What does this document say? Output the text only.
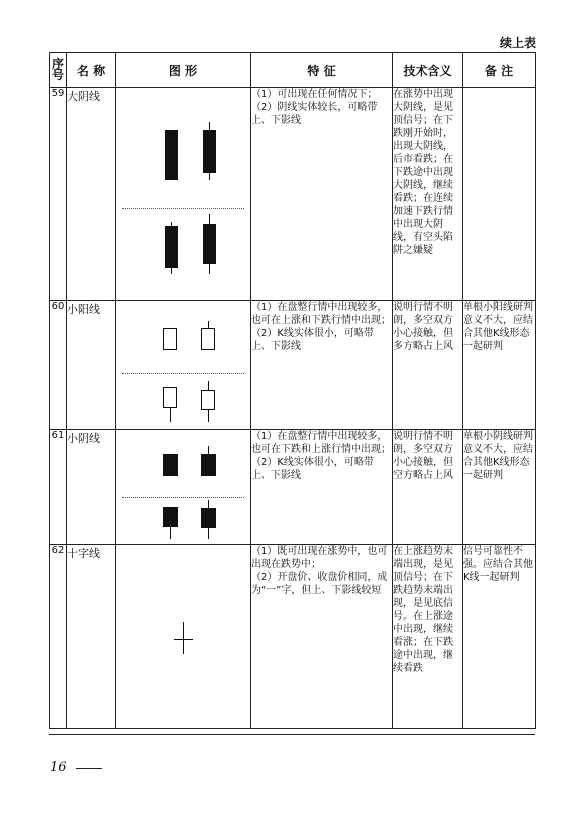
续上表
序
号	名 称	图 形	特 征	技术含义	备 注
59	大阴线		（1）可出现在任何情况下；
（2）阴线实体较长，可略带上、下影线	在涨势中出现大阴线，是见顶信号；在下跌刚开始时，出现大阴线，后市看跌；在下跌途中出现大阴线，继续看跌；在连续加速下跌行情中出现大阴线，有空头陷阱之嫌疑	
60	小阳线		（1）在盘整行情中出现较多，也可在上涨和下跌行情中出现；
（2）K线实体很小，可略带上、下影线	说明行情不明朗，多空双方小心接触，但多方略占上风	单根小阳线研判意义不大，应结合其他K线形态一起研判
61	小阴线		（1）在盘整行情中出现较多，也可在下跌和上涨行情中出现；
（2）K线实体很小，可略带上、下影线	说明行情不明朗，多空双方小心接触，但空方略占上风	单根小阴线研判意义不大，应结合其他K线形态一起研判
62	十字线		（1）既可出现在涨势中，也可出现在跌势中；
（2）开盘价、收盘价相同，成为“一”字，但上、下影线较短	在上涨趋势末端出现，是见顶信号；在下跌趋势末端出现，是见底信号。在上涨途中出现，继续看涨；在下跌途中出现，继续看跌	信号可靠性不强。应结合其他K线一起研判
16
